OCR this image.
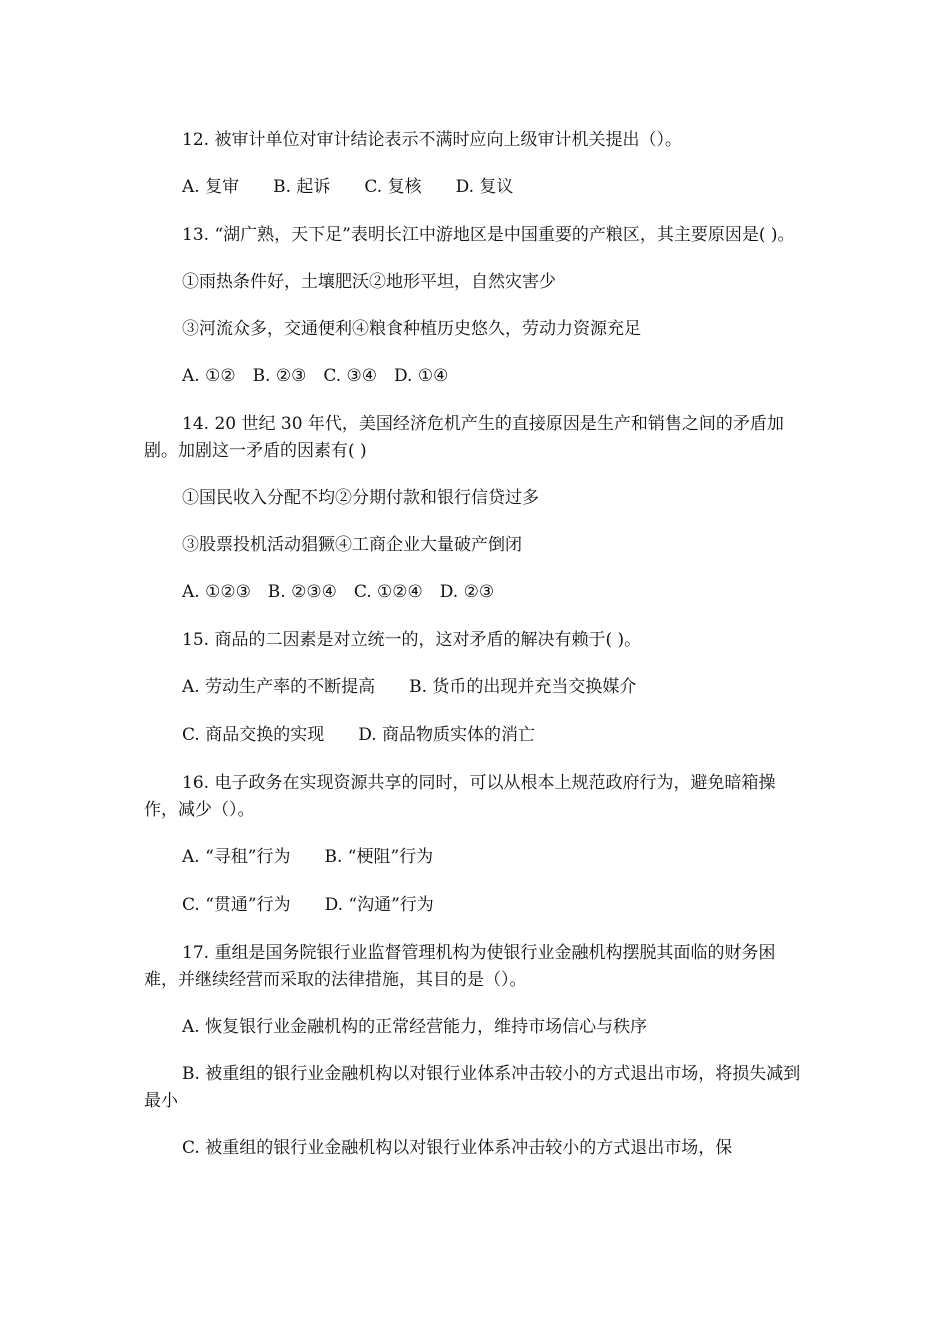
12. 被审计单位对审计结论表示不满时应向上级审计机关提出（）。

A. 复审　　B. 起诉　　C. 复核　　D. 复议

13. “湖广熟，天下足”表明长江中游地区是中国重要的产粮区，其主要原因是( )。

①雨热条件好，土壤肥沃②地形平坦，自然灾害少

③河流众多，交通便利④粮食种植历史悠久，劳动力资源充足

A. ①②　B. ②③　C. ③④　D. ①④

14. 20 世纪 30 年代，美国经济危机产生的直接原因是生产和销售之间的矛盾加剧。加剧这一矛盾的因素有( )

①国民收入分配不均②分期付款和银行信贷过多

③股票投机活动猖獗④工商企业大量破产倒闭

A. ①②③　B. ②③④　C. ①②④　D. ②③

15. 商品的二因素是对立统一的，这对矛盾的解决有赖于( )。

A. 劳动生产率的不断提高　　B. 货币的出现并充当交换媒介

C. 商品交换的实现　　D. 商品物质实体的消亡

16. 电子政务在实现资源共享的同时，可以从根本上规范政府行为，避免暗箱操作，减少（）。

A. “寻租”行为　　B. “梗阻”行为

C. “贯通”行为　　D. “沟通”行为

17. 重组是国务院银行业监督管理机构为使银行业金融机构摆脱其面临的财务困难，并继续经营而采取的法律措施，其目的是（）。

A. 恢复银行业金融机构的正常经营能力，维持市场信心与秩序

B. 被重组的银行业金融机构以对银行业体系冲击较小的方式退出市场，将损失减到最小

C. 被重组的银行业金融机构以对银行业体系冲击较小的方式退出市场，保
